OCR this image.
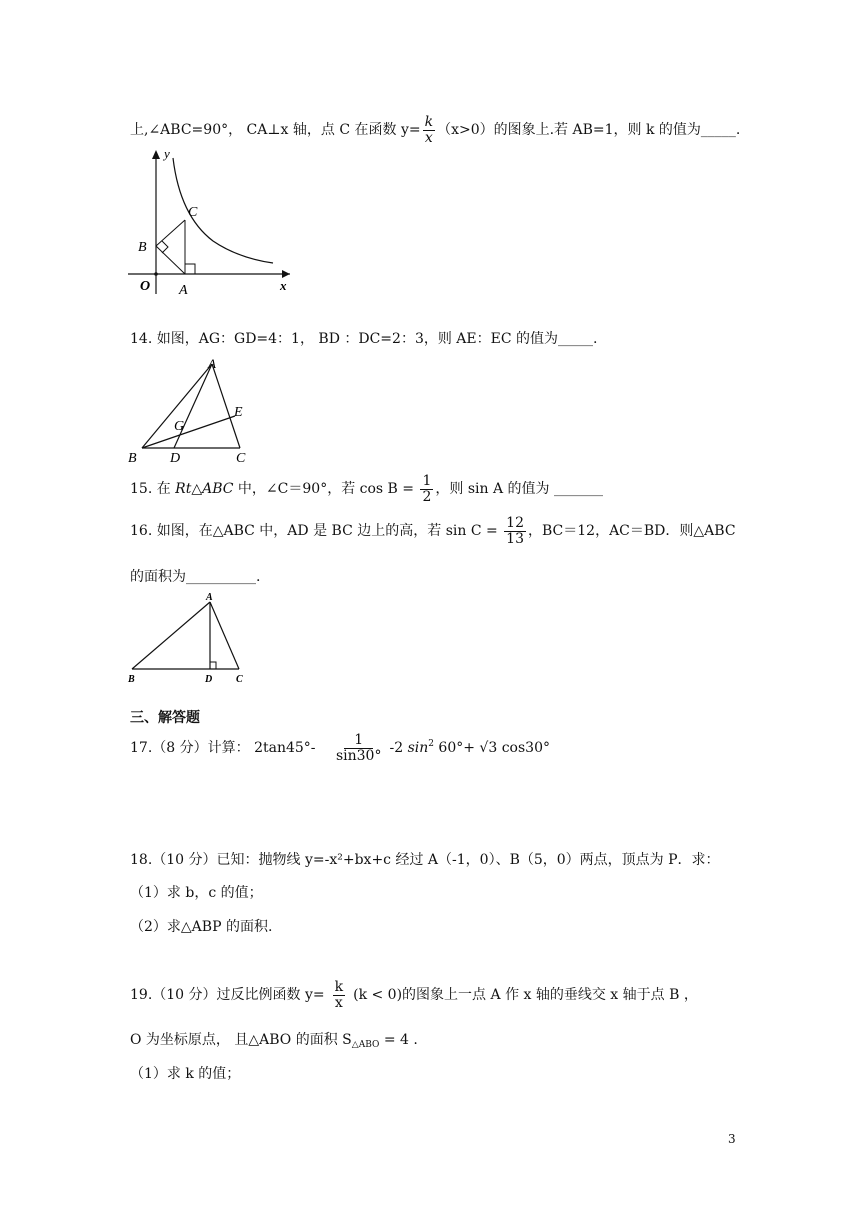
上,∠ABC=90°， CA⊥x 轴，点 C 在函数 $y= \frac{k}{x} (x>0)$的图象上.若 AB=1，则 k 的值为_____.
y
C
B
O A	x
14. 如图，AG：GD=4：1， BD ：DC=2：3，则 AE：EC 的值为_____.
A
E
G
B D	C
15. 在 Rt△ABC 中，∠C＝90°，若 $\cos B = \frac{1}{2}$ ，则 sin A 的值为 _______
16. 如图，在△ABC 中，AD 是 BC 边上的高，若 $\sin C = \frac{12}{13}$ ，BC＝12，AC＝BD．则△ABC
的面积为__________.
A
B	D C
三、解答题
17.（8 分）计算： $2\tan 45^\circ- \frac{1}{\sin 30^\circ} -2$ $\sin^2 60^\circ+ √3$ cos30°
18.（10 分）已知：抛物线 y=-x²+bx+c 经过 A（-1，0）、B（5，0）两点，顶点为 P．求：
（1）求 b，c 的值；
（2）求△ABP 的面积.
19.（10 分）过反比例函数 $y= \frac{k}{x} (k < 0)$的图象上一点 A 作 x 轴的垂线交 x 轴于点 B ，
O 为坐标原点， 且△ABO 的面积 $S_{\triangle ABO} = 4$ .
（1）求 k 的值；
3
